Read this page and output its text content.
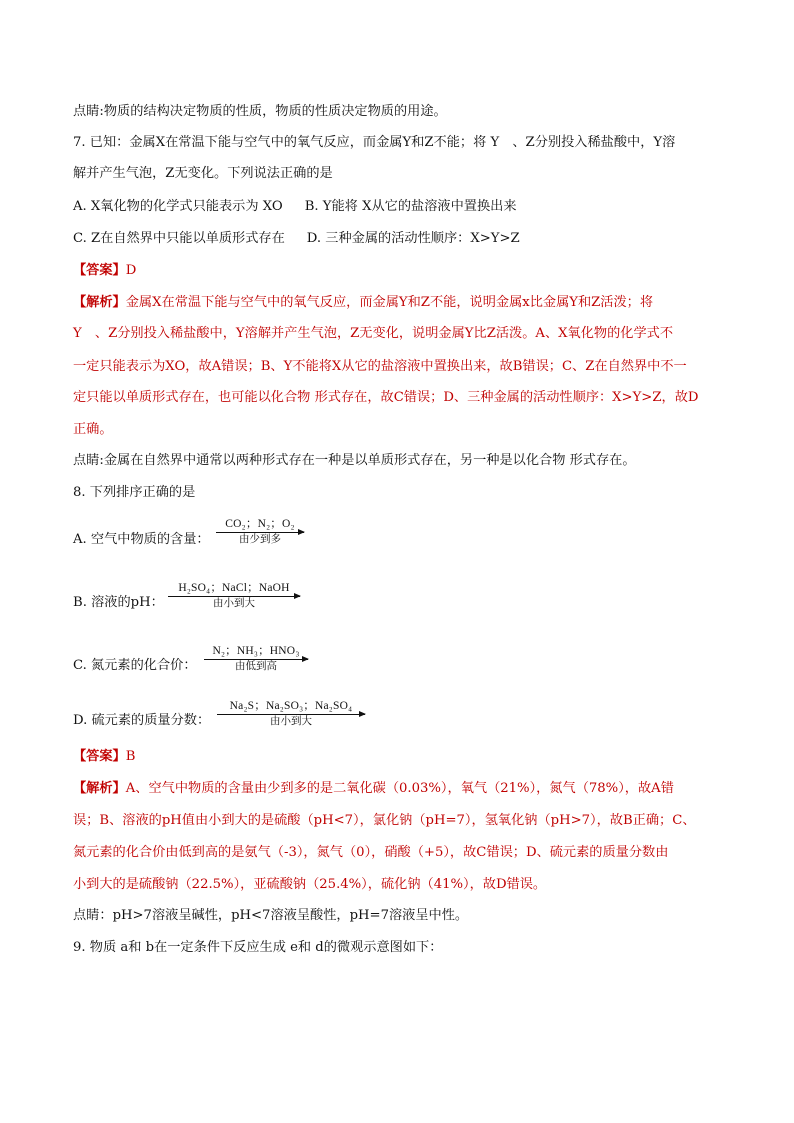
点睛:物质的结构决定物质的性质，物质的性质决定物质的用途。
7. 已知：金属X在常温下能与空气中的氧气反应，而金属Y和Z不能；将 Y　、Z分别投入稀盐酸中，Y溶
解并产生气泡，Z无变化。下列说法正确的是
A. X氧化物的化学式只能表示为 XO B. Y能将 X从它的盐溶液中置换出来
C. Z在自然界中只能以单质形式存在 D. 三种金属的活动性顺序：X>Y>Z
【答案】D
【解析】金属X在常温下能与空气中的氧气反应，而金属Y和Z不能，说明金属x比金属Y和Z活泼；将
Y　、Z分别投入稀盐酸中，Y溶解并产生气泡，Z无变化，说明金属Y比Z活泼。A、X氧化物的化学式不
一定只能表示为XO，故A错误；B、Y不能将X从它的盐溶液中置换出来，故B错误；C、Z在自然界中不一
定只能以单质形式存在，也可能以化合物 形式存在，故C错误；D、三种金属的活动性顺序：X>Y>Z，故D
正确。
点睛:金属在自然界中通常以两种形式存在一种是以单质形式存在，另一种是以化合物 形式存在。
8. 下列排序正确的是
A. 空气中物质的含量：
CO₂；N₂；O₂
由少到多
B. 溶液的pH：
H₂SO₄；NaCl；NaOH
由小到大
C. 氮元素的化合价：
N₂；NH₃；HNO₃
由低到高
D. 硫元素的质量分数：
Na₂S；Na₂SO₃；Na₂SO₄
由小到大
【答案】B
【解析】A、空气中物质的含量由少到多的是二氧化碳（0.03%），氧气（21%），氮气（78%），故A错
误；B、溶液的pH值由小到大的是硫酸（pH<7），氯化钠（pH=7），氢氧化钠（pH>7），故B正确；C、
氮元素的化合价由低到高的是氨气（-3），氮气（0），硝酸（+5），故C错误；D、硫元素的质量分数由
小到大的是硫酸钠（22.5%），亚硫酸钠（25.4%），硫化钠（41%），故D错误。
点睛：pH>7溶液呈碱性，pH<7溶液呈酸性，pH=7溶液呈中性。
9. 物质 a和 b在一定条件下反应生成 e和 d的微观示意图如下：
